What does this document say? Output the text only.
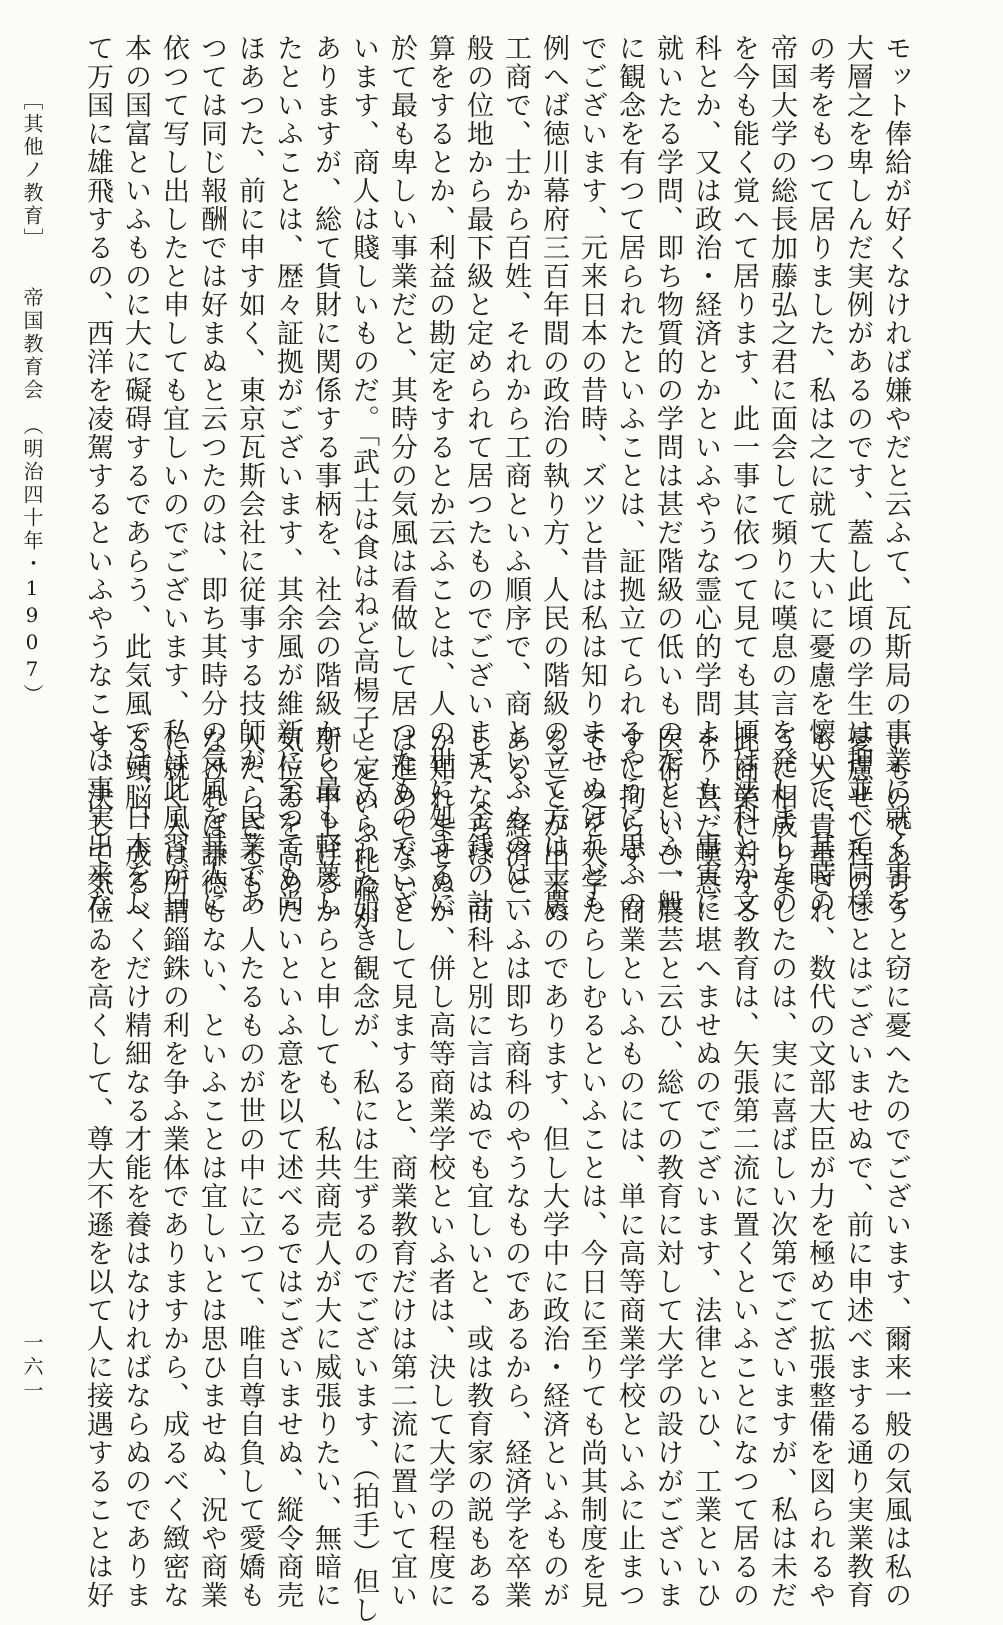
モット俸給が好くなければ嫌やだと云ふて、瓦斯局の事業に就く事を
大層之を卑しんだ実例があるのです、蓋し此頃の学生は押並べて同様
の考をもつて居りました、私は之に就て大いに憂慮を懐いて、其時の
帝国大学の総長加藤弘之君に面会して頻りに嘆息の言を発しましたの
を今も能く覚へて居ります、此一事に依つて見ても其頃は法科とか文
科とか、又は政治・経済とかといふやうな霊心的学問よりも、事実に
就いたる学問、即ち物質的の学問は甚だ階級の低いものだといふ一般
に観念を有つて居られたといふことは、証拠立てられるやうに思ふの
でございます、元来日本の昔時、ズツと昔は私は知りませぬけれども
例へば徳川幕府三百年間の政治の執り方、人民の階級の立て方は士農
工商で、士から百姓、それから工商といふ順序で、商といふものは一
般の位地から最下級と定められて居つたものでございます、金銭の計
算をするとか、利益の勘定をするとか云ふことは、人の世に処するに
於て最も卑しい事業だと、其時分の気風は看做して居つたものでござ
います、商人は賤しいものだ。「武士は食はねど高楊子」といふ比喩が
ありますが、総て貨財に関係する事柄を、社会の階級から最も軽蔑し
たといふことは、歴々証拠がございます、其余風が維新に至つても尚
ほあつた、前に申す如く、東京瓦斯会社に従事する技師が、民業であ
つては同じ報酬では好まぬと云つたのは、即ち其時分の気風を其人に
依つて写し出したと申しても宜しいのでございます、私は此風習が日
本の国富といふものに大に礙碍するであらう、此気風では、日本をし
て万国に雄飛するの、西洋を凌駕するといふやうなことは事実出来な
いものであらうと窃に憂へたのでございます、爾来一般の気風は私の
憂慮せし程のことはございませぬで、前に申述べまする通り実業教育
も大に貴重され、数代の文部大臣が力を極めて拡張整備を図られるや
うに相成りましたのは、実に喜ばしい次第でございますが、私は未だ
此商業に対する教育は、矢張第二流に置くといふことになつて居るの
を、甚だ嘆息に堪へませぬのでございます、法律といひ、工業といひ
医術といひ、農芸と云ひ、総ての教育に対して大学の設けがございま
すに拘らず、商業といふものには、単に高等商業学校といふに止まつ
て、之を大学たらしむるといふことは、今日に至りても尚其制度を見
ることが出来ぬのであります、但し大学中に政治・経済といふものが
ある、経済といふは即ち商科のやうなものであるから、経済学を卒業
したならば、商科と別に言はぬでも宜しいと、或は教育家の説もある
か知れませぬが、併し高等商業学校といふ者は、決して大学の程度に
は進めてないとして見ますると、商業教育だけは第二流に置いて宜い
と定められた如き観念が、私には生ずるのでございます、（拍手）但し
斯く申上げるからと申しても、私共商売人が大に威張りたい、無暗に
気位ゐを高めたいといふ意を以て述べるではございませぬ、縦令商売
人たらざるも、人たるものが世の中に立つて、唯自尊自負して愛嬌も
なければ謙徳もない、といふことは宜しいとは思ひませぬ、況や商業
に就く人は所謂錙銖の利を争ふ業体でありますから、成るべく緻密な
る頭脳、成るべくだけ精細なる才能を養はなければならぬのでありま
す、決して気位ゐを高くして、尊大不遜を以て人に接遇することは好
［其他ノ教育］　　帝国教育会　（明治四十年・1907）
一六一
